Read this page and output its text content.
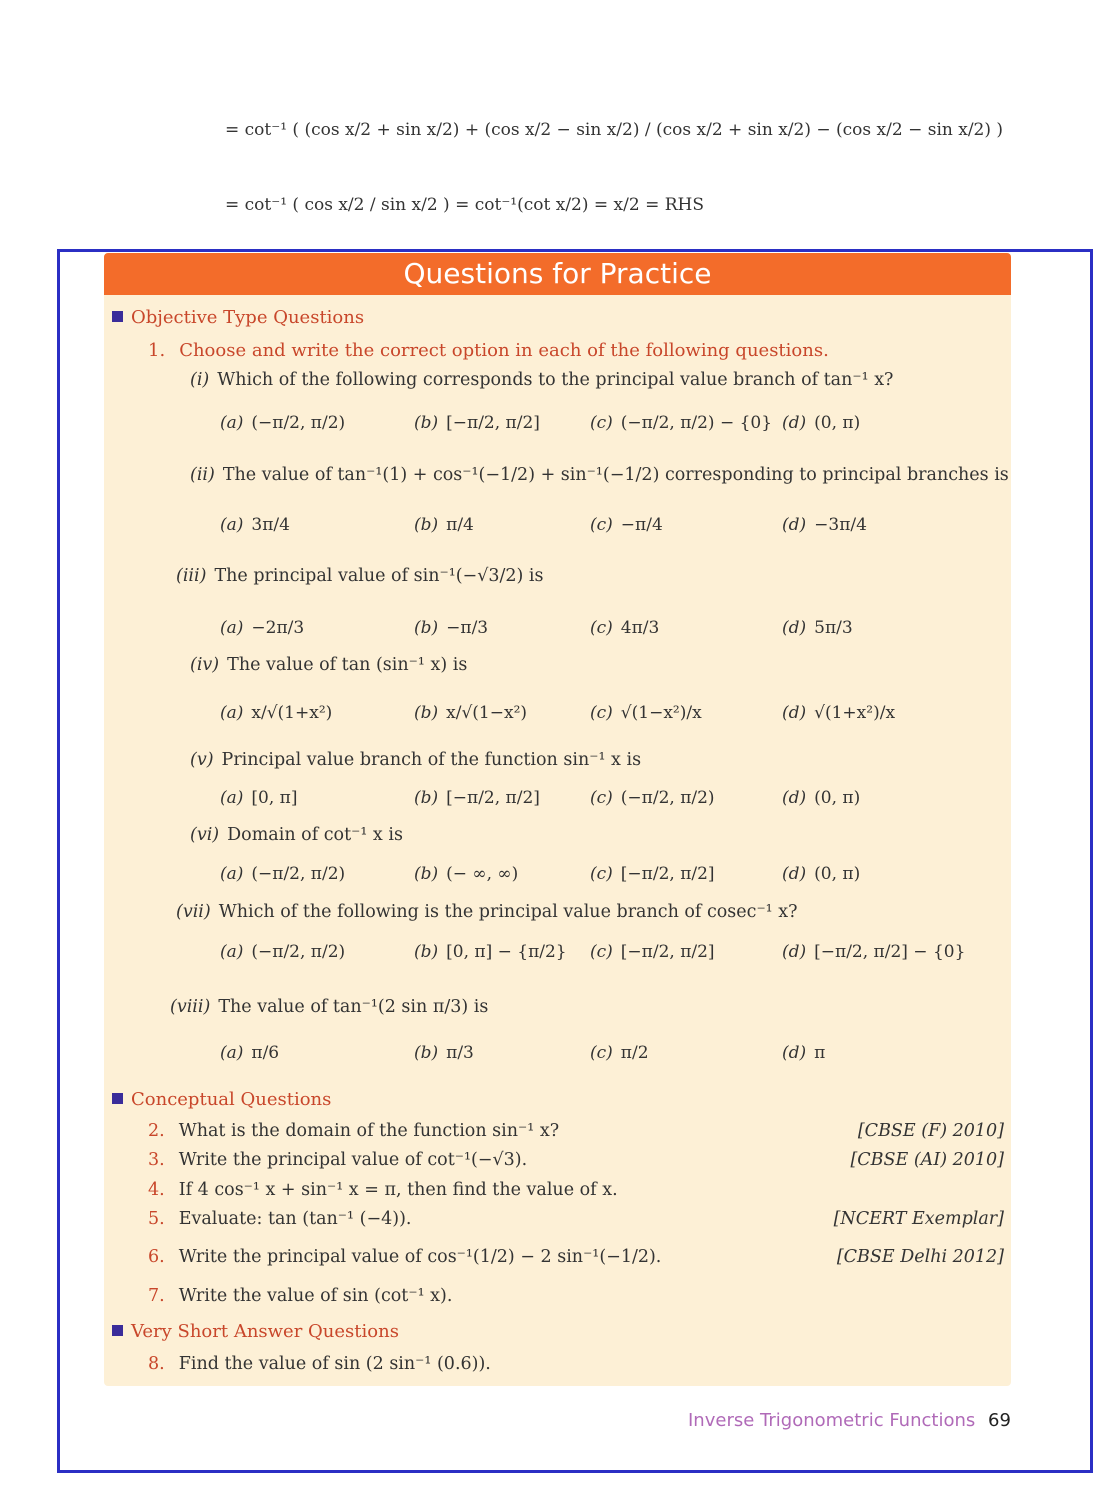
= cot⁻¹ ( (cos x/2 + sin x/2) + (cos x/2 − sin x/2) / (cos x/2 + sin x/2) − (cos x/2 − sin x/2) )
= cot⁻¹ ( cos x/2 / sin x/2 ) = cot⁻¹(cot x/2) = x/2 = RHS
Questions for Practice
Objective Type Questions
1. Choose and write the correct option in each of the following questions.
(i) Which of the following corresponds to the principal value branch of tan⁻¹ x?
(a) (−π/2, π/2)	(b) [−π/2, π/2]	(c) (−π/2, π/2) − {0} (d) (0, π)
(ii) The value of tan⁻¹(1) + cos⁻¹(−1/2) + sin⁻¹(−1/2) corresponding to principal branches is
(a) 3π/4	(b) π/4	(c) −π/4	(d) −3π/4
(iii) The principal value of sin⁻¹(−√3/2) is
(a) −2π/3	(b) −π/3	(c) 4π/3	(d) 5π/3
(iv) The value of tan (sin⁻¹ x) is
(a) x/√(1+x²)	(b) x/√(1−x²)	(c) √(1−x²)/x	(d) √(1+x²)/x
(v) Principal value branch of the function sin⁻¹ x is
(a) [0, π]	(b) [−π/2, π/2]	(c) (−π/2, π/2)	(d) (0, π)
(vi) Domain of cot⁻¹ x is
(a) (−π/2, π/2)	(b) (− ∞, ∞)	(c) [−π/2, π/2]	(d) (0, π)
(vii) Which of the following is the principal value branch of cosec⁻¹ x?
(a) (−π/2, π/2)	(b) [0, π] − {π/2} (c) [−π/2, π/2]	(d) [−π/2, π/2] − {0}
(viii) The value of tan⁻¹(2 sin π/3) is
(a) π/6	(b) π/3	(c) π/2	(d) π
Conceptual Questions
2. What is the domain of the function sin⁻¹ x?	[CBSE (F) 2010]
3. Write the principal value of cot⁻¹(−√3).	[CBSE (AI) 2010]
4. If 4 cos⁻¹ x + sin⁻¹ x = π, then find the value of x.
5. Evaluate: tan (tan⁻¹ (−4)).	[NCERT Exemplar]
6. Write the principal value of cos⁻¹(1/2) − 2 sin⁻¹(−1/2).	[CBSE Delhi 2012]
7. Write the value of sin (cot⁻¹ x).
Very Short Answer Questions
8. Find the value of sin (2 sin⁻¹ (0.6)).
Inverse Trigonometric Functions 69
